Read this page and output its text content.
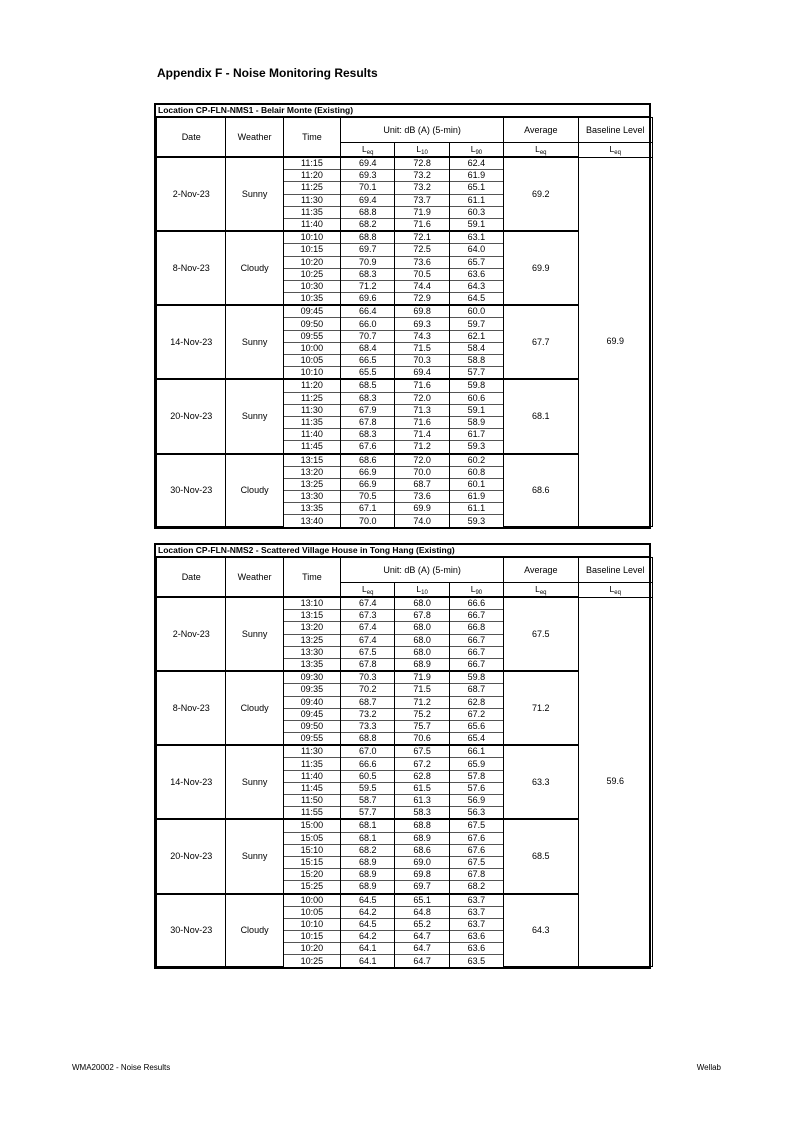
Appendix F - Noise Monitoring Results
Location CP-FLN-NMS1 - Belair Monte (Existing)
Date	Weather	Time	Unit: dB (A) (5-min)			Average	Baseline Level
			$L_{eq}$	$L_{10}$	$L_{90}$	$L_{eq}$	$L_{eq}$
2-Nov-23	Sunny	11:15	69.4	72.8	62.4	69.2	69.9
		11:20	69.3	73.2	61.9		
		11:25	70.1	73.2	65.1		
		11:30	69.4	73.7	61.1		
		11:35	68.8	71.9	60.3		
		11:40	68.2	71.6	59.1		
8-Nov-23	Cloudy	10:10	68.8	72.1	63.1	69.9	
		10:15	69.7	72.5	64.0		
		10:20	70.9	73.6	65.7		
		10:25	68.3	70.5	63.6		
		10:30	71.2	74.4	64.3		
		10:35	69.6	72.9	64.5		
14-Nov-23	Sunny	09:45	66.4	69.8	60.0	67.7	
		09:50	66.0	69.3	59.7		
		09:55	70.7	74.3	62.1		
		10:00	68.4	71.5	58.4		
		10:05	66.5	70.3	58.8		
		10:10	65.5	69.4	57.7		
20-Nov-23	Sunny	11:20	68.5	71.6	59.8	68.1	
		11:25	68.3	72.0	60.6		
		11:30	67.9	71.3	59.1		
		11:35	67.8	71.6	58.9		
		11:40	68.3	71.4	61.7		
		11:45	67.6	71.2	59.3		
30-Nov-23	Cloudy	13:15	68.6	72.0	60.2	68.6	
		13:20	66.9	70.0	60.8		
		13:25	66.9	68.7	60.1		
		13:30	70.5	73.6	61.9		
		13:35	67.1	69.9	61.1		
		13:40	70.0	74.0	59.3		
Location CP-FLN-NMS2 - Scattered Village House in Tong Hang (Existing)
Date	Weather	Time	Unit: dB (A) (5-min)			Average	Baseline Level
			$L_{eq}$	$L_{10}$	$L_{90}$	$L_{eq}$	$L_{eq}$
2-Nov-23	Sunny	13:10	67.4	68.0	66.6	67.5	59.6
		13:15	67.3	67.8	66.7		
		13:20	67.4	68.0	66.8		
		13:25	67.4	68.0	66.7		
		13:30	67.5	68.0	66.7		
		13:35	67.8	68.9	66.7		
8-Nov-23	Cloudy	09:30	70.3	71.9	59.8	71.2	
		09:35	70.2	71.5	68.7		
		09:40	68.7	71.2	62.8		
		09:45	73.2	75.2	67.2		
		09:50	73.3	75.7	65.6		
		09:55	68.8	70.6	65.4		
14-Nov-23	Sunny	11:30	67.0	67.5	66.1	63.3	
		11:35	66.6	67.2	65.9		
		11:40	60.5	62.8	57.8		
		11:45	59.5	61.5	57.6		
		11:50	58.7	61.3	56.9		
		11:55	57.7	58.3	56.3		
20-Nov-23	Sunny	15:00	68.1	68.8	67.5	68.5	
		15:05	68.1	68.9	67.6		
		15:10	68.2	68.6	67.6		
		15:15	68.9	69.0	67.5		
		15:20	68.9	69.8	67.8		
		15:25	68.9	69.7	68.2		
30-Nov-23	Cloudy	10:00	64.5	65.1	63.7	64.3	
		10:05	64.2	64.8	63.7		
		10:10	64.5	65.2	63.7		
		10:15	64.2	64.7	63.6		
		10:20	64.1	64.7	63.6		
		10:25	64.1	64.7	63.5		
WMA20002 - Noise Results	Wellab
